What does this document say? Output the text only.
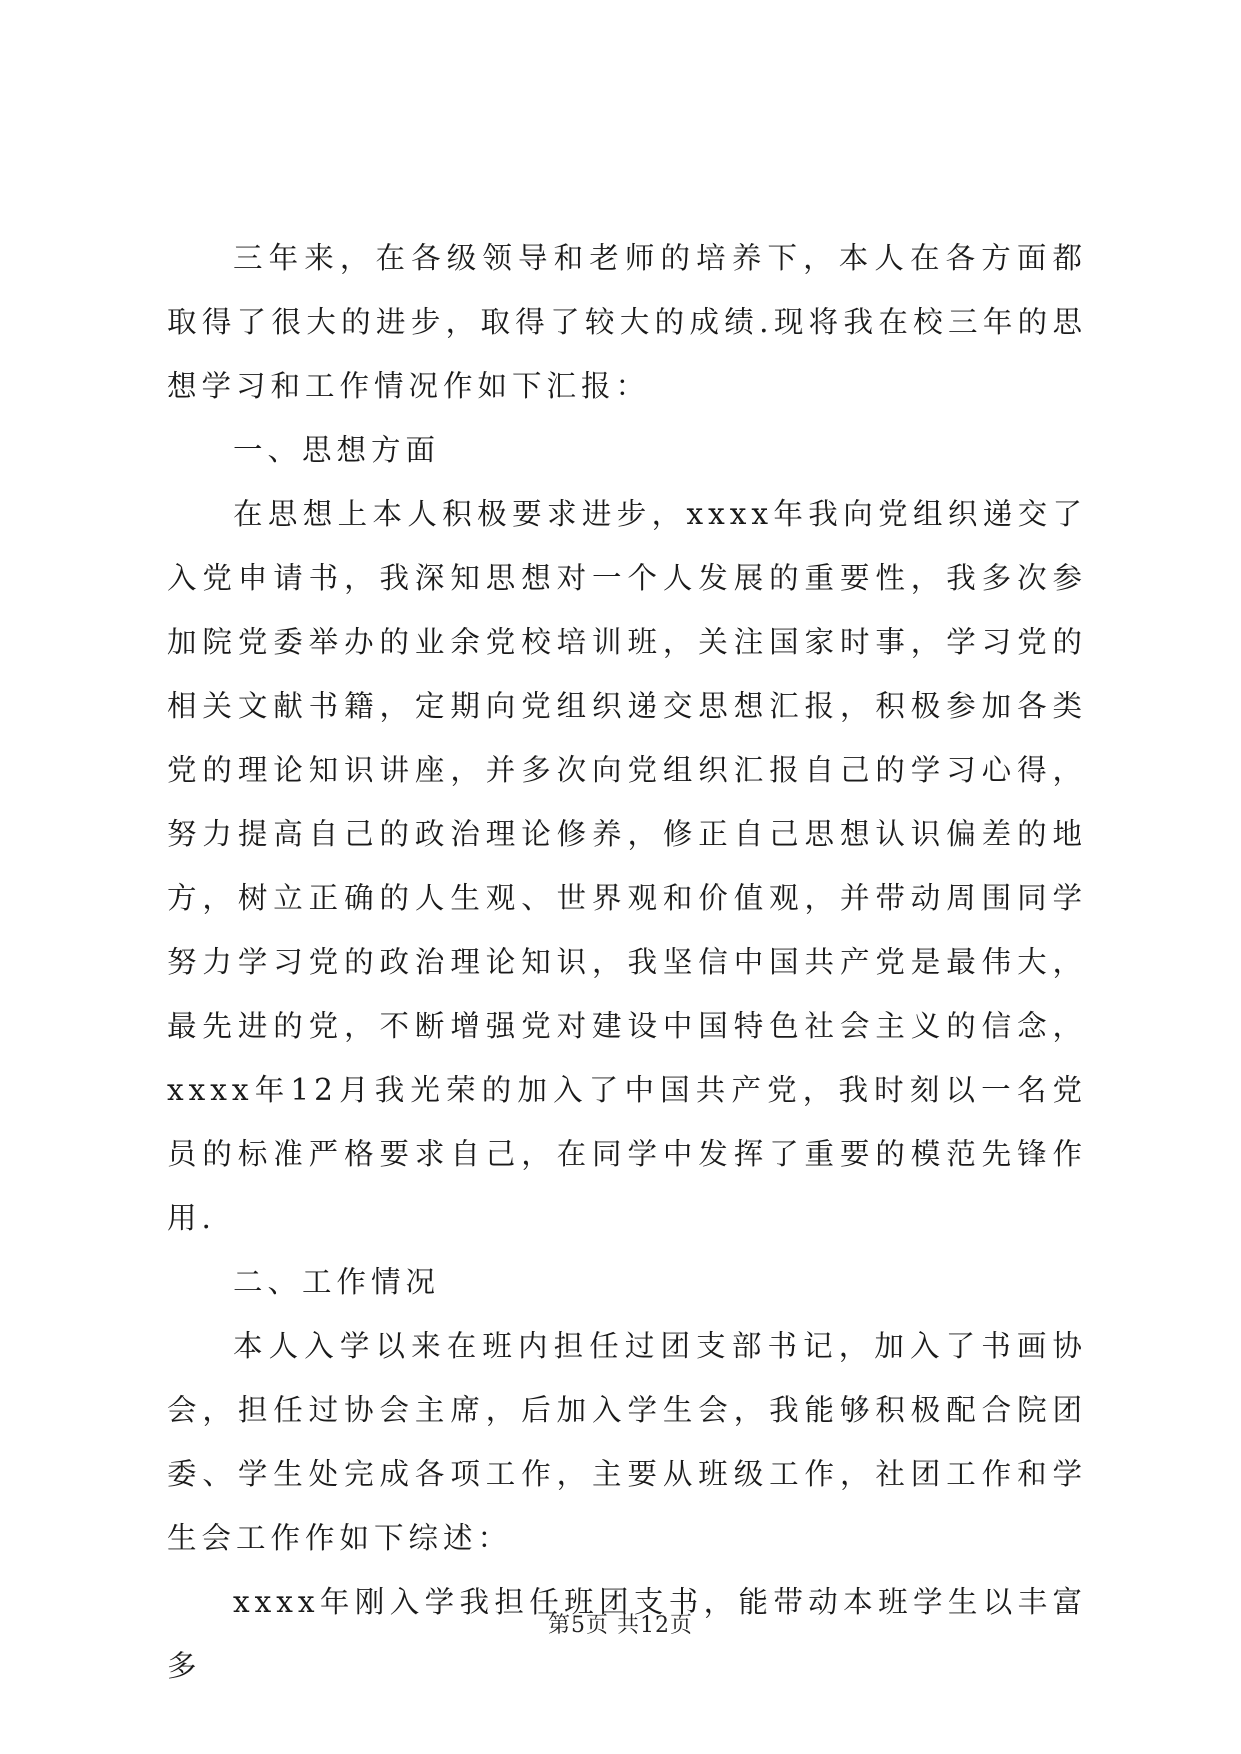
三年来，在各级领导和老师的培养下，本人在各方面都取得了很大的进步，取得了较大的成绩.现将我在校三年的思想学习和工作情况作如下汇报：

一、思想方面

在思想上本人积极要求进步，xxxx年我向党组织递交了入党申请书，我深知思想对一个人发展的重要性，我多次参加院党委举办的业余党校培训班，关注国家时事，学习党的相关文献书籍，定期向党组织递交思想汇报，积极参加各类党的理论知识讲座，并多次向党组织汇报自己的学习心得，努力提高自己的政治理论修养，修正自己思想认识偏差的地方，树立正确的人生观、世界观和价值观，并带动周围同学努力学习党的政治理论知识，我坚信中国共产党是最伟大，最先进的党，不断增强党对建设中国特色社会主义的信念，xxxx年12月我光荣的加入了中国共产党，我时刻以一名党员的标准严格要求自己，在同学中发挥了重要的模范先锋作用.

二、工作情况

本人入学以来在班内担任过团支部书记，加入了书画协会，担任过协会主席，后加入学生会，我能够积极配合院团委、学生处完成各项工作，主要从班级工作，社团工作和学生会工作作如下综述：

xxxx年刚入学我担任班团支书，能带动本班学生以丰富多

第5页 共12页
